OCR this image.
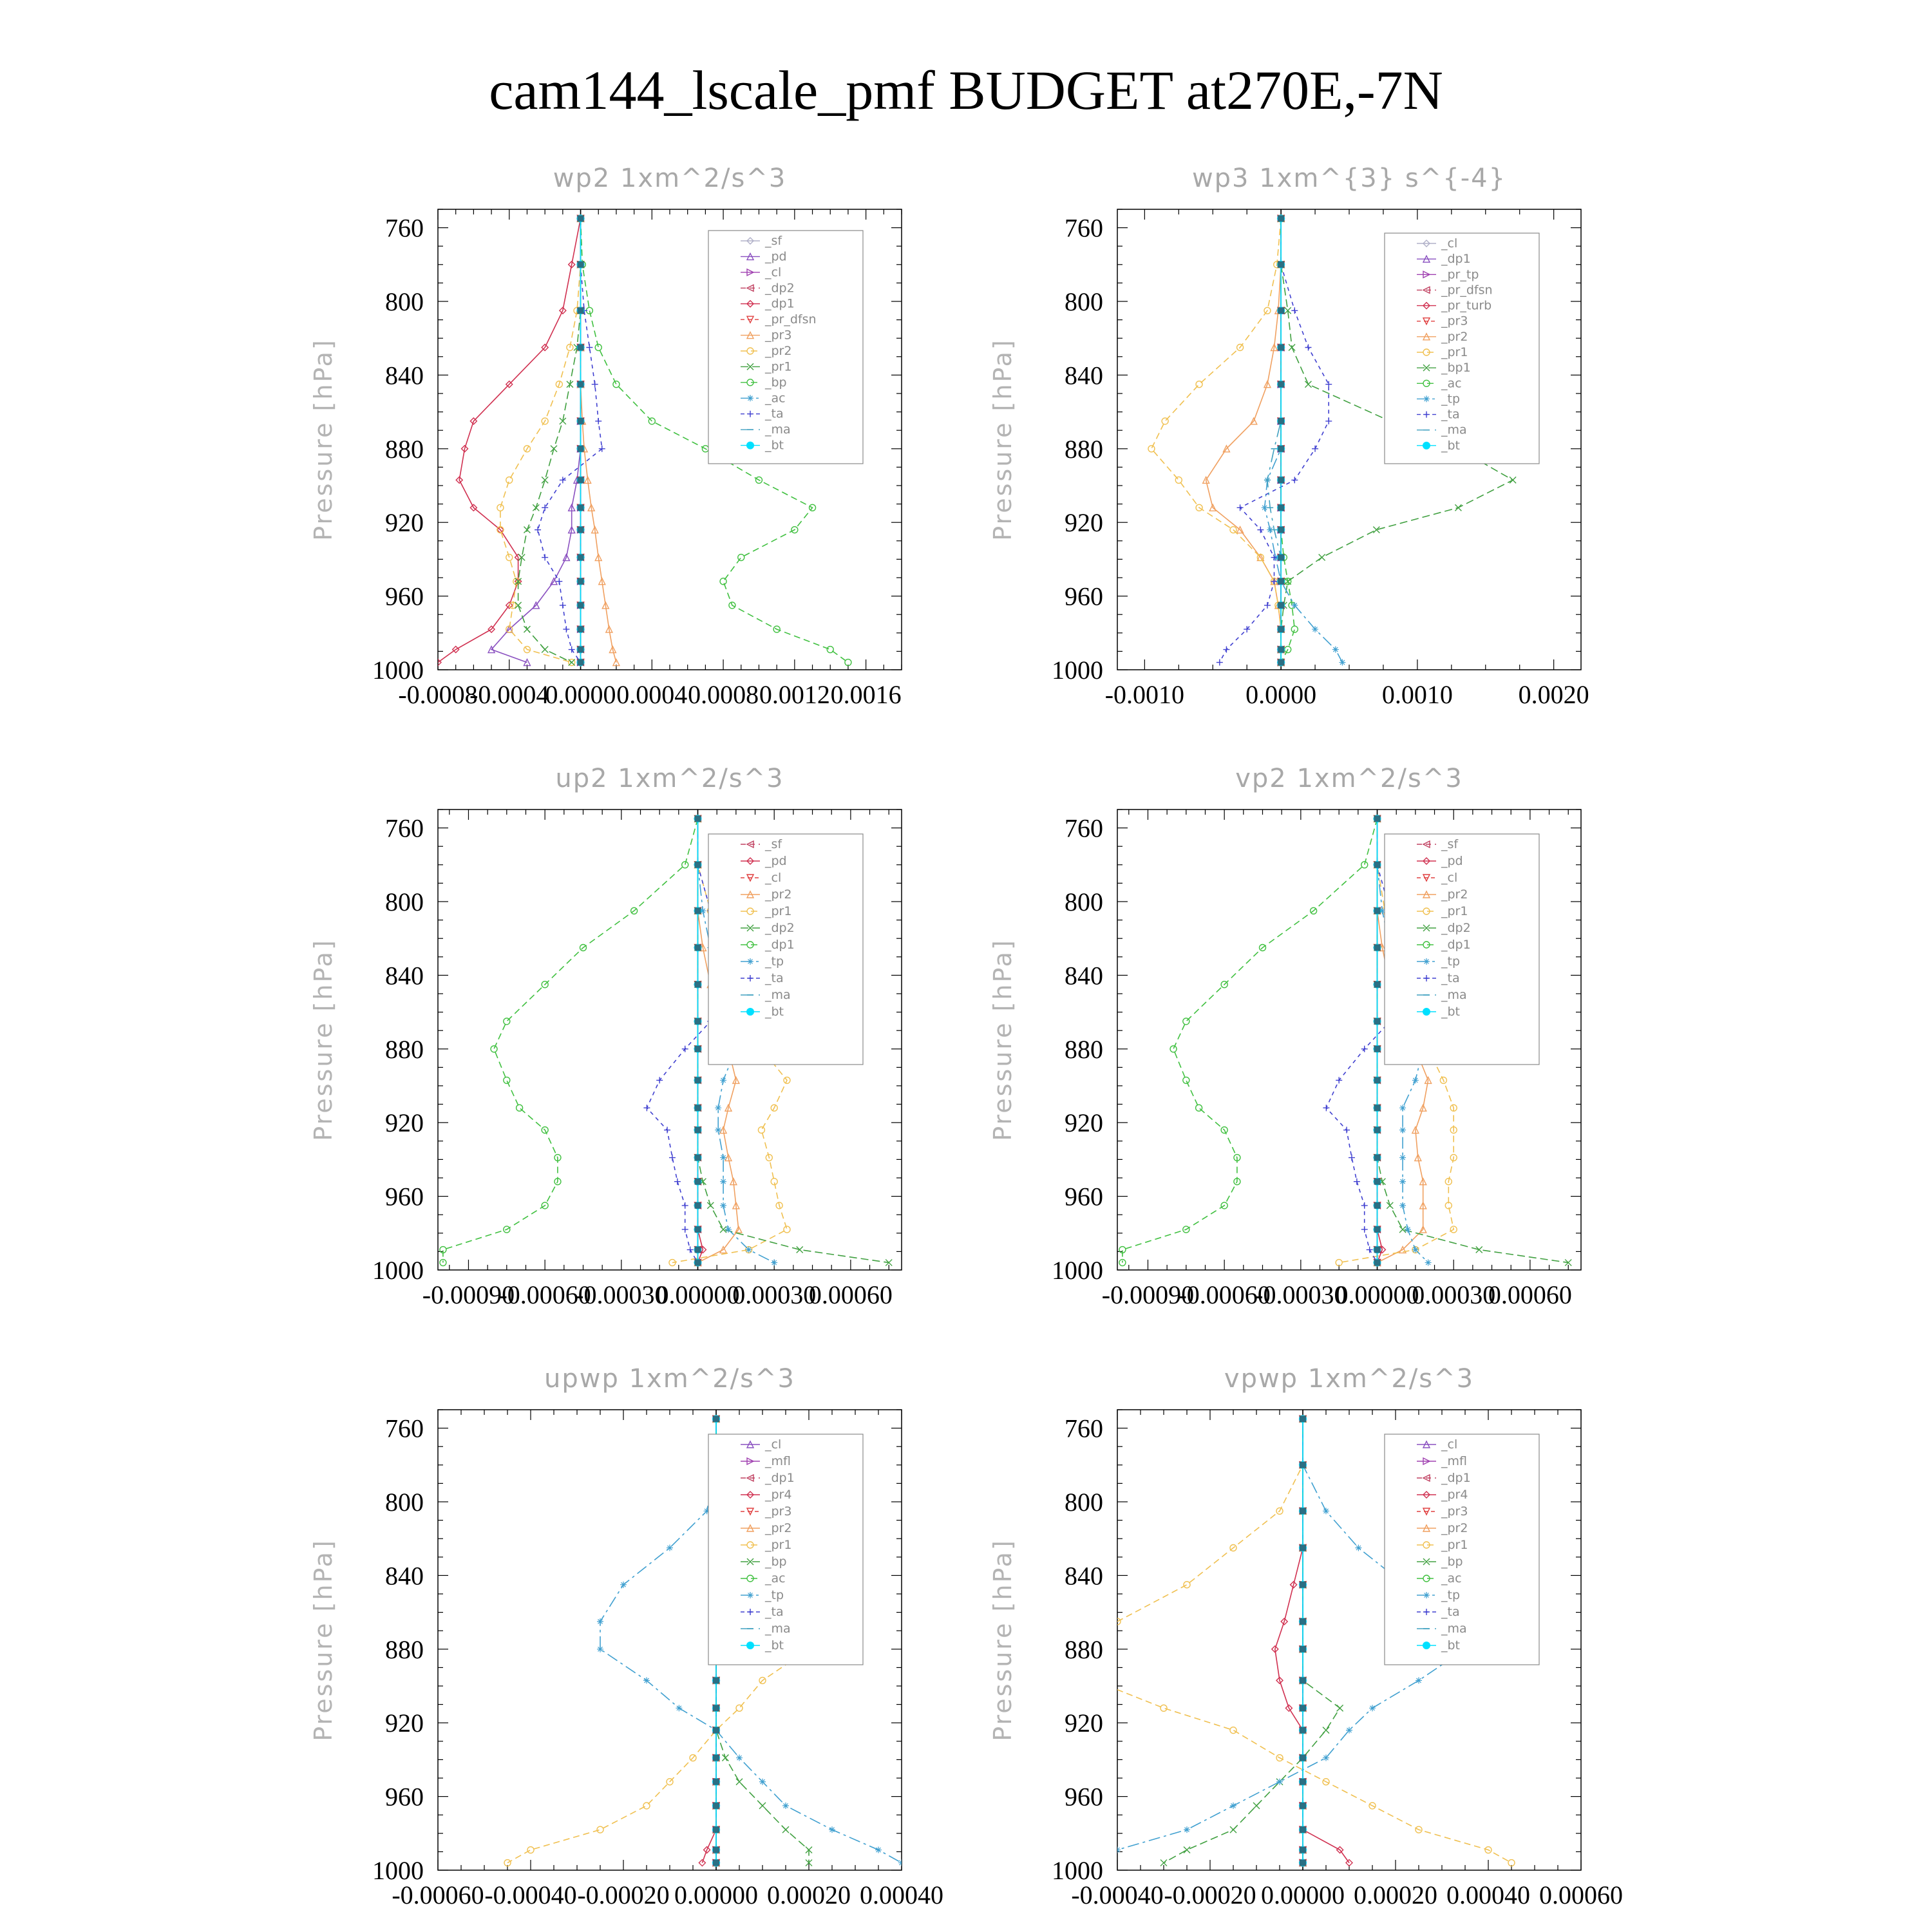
cam144_lscale_pmf BUDGET at270E,-7N
wp2 1xm^2/s^3
Pressure [hPa]
760
800
840
880
920
960
1000
-0.0008
-0.0004
0.0000 0.0004 0.0008 0.0012 0.0016
_sf
_pd
_cl
_dp2
_dp1
_pr_dfsn
_pr3
_pr2
_pr1
_bp
_ac
_ta
_ma
_bt
wp3 1xm^{3} s^{-4}
Pressure [hPa]
760
800
840
880
920
960
1000
-0.0010 0.0000	0.0010	0.0020
_cl
_dp1
_pr_tp
_pr_dfsn
_pr_turb
_pr3
_pr2
_pr1
_bp1
_ac
_tp
_ta
_ma
_bt
up2 1xm^2/s^3
Pressure [hPa]
760
800
840
880
920
960
1000
-0.00090
-0.00060
-0.00030
0.00000
0.00030
0.00060
_sf
_pd
_cl
_pr2
_pr1
_dp2
_dp1
_tp
_ta
_ma
_bt
vp2 1xm^2/s^3
Pressure [hPa]
760
800
840
880
920
960
1000
-0.00090
-0.00060
-0.00030
0.00000
0.00030
0.00060
_sf
_pd
_cl
_pr2
_pr1
_dp2
_dp1
_tp
_ta
_ma
_bt
upwp 1xm^2/s^3
Pressure [hPa]
760
800
840
880
920
960
1000
-0.00060 -0.00040 -0.00020 0.00000 0.00020 0.00040
_cl
_mfl
_dp1
_pr4
_pr3
_pr2
_pr1
_bp
_ac
_tp
_ta
_ma
_bt
vpwp 1xm^2/s^3
Pressure [hPa]
760
800
840
880
920
960
1000
-0.00040 -0.00020 0.00000 0.00020 0.00040 0.00060
_cl
_mfl
_dp1
_pr4
_pr3
_pr2
_pr1
_bp
_ac
_tp
_ta
_ma
_bt
